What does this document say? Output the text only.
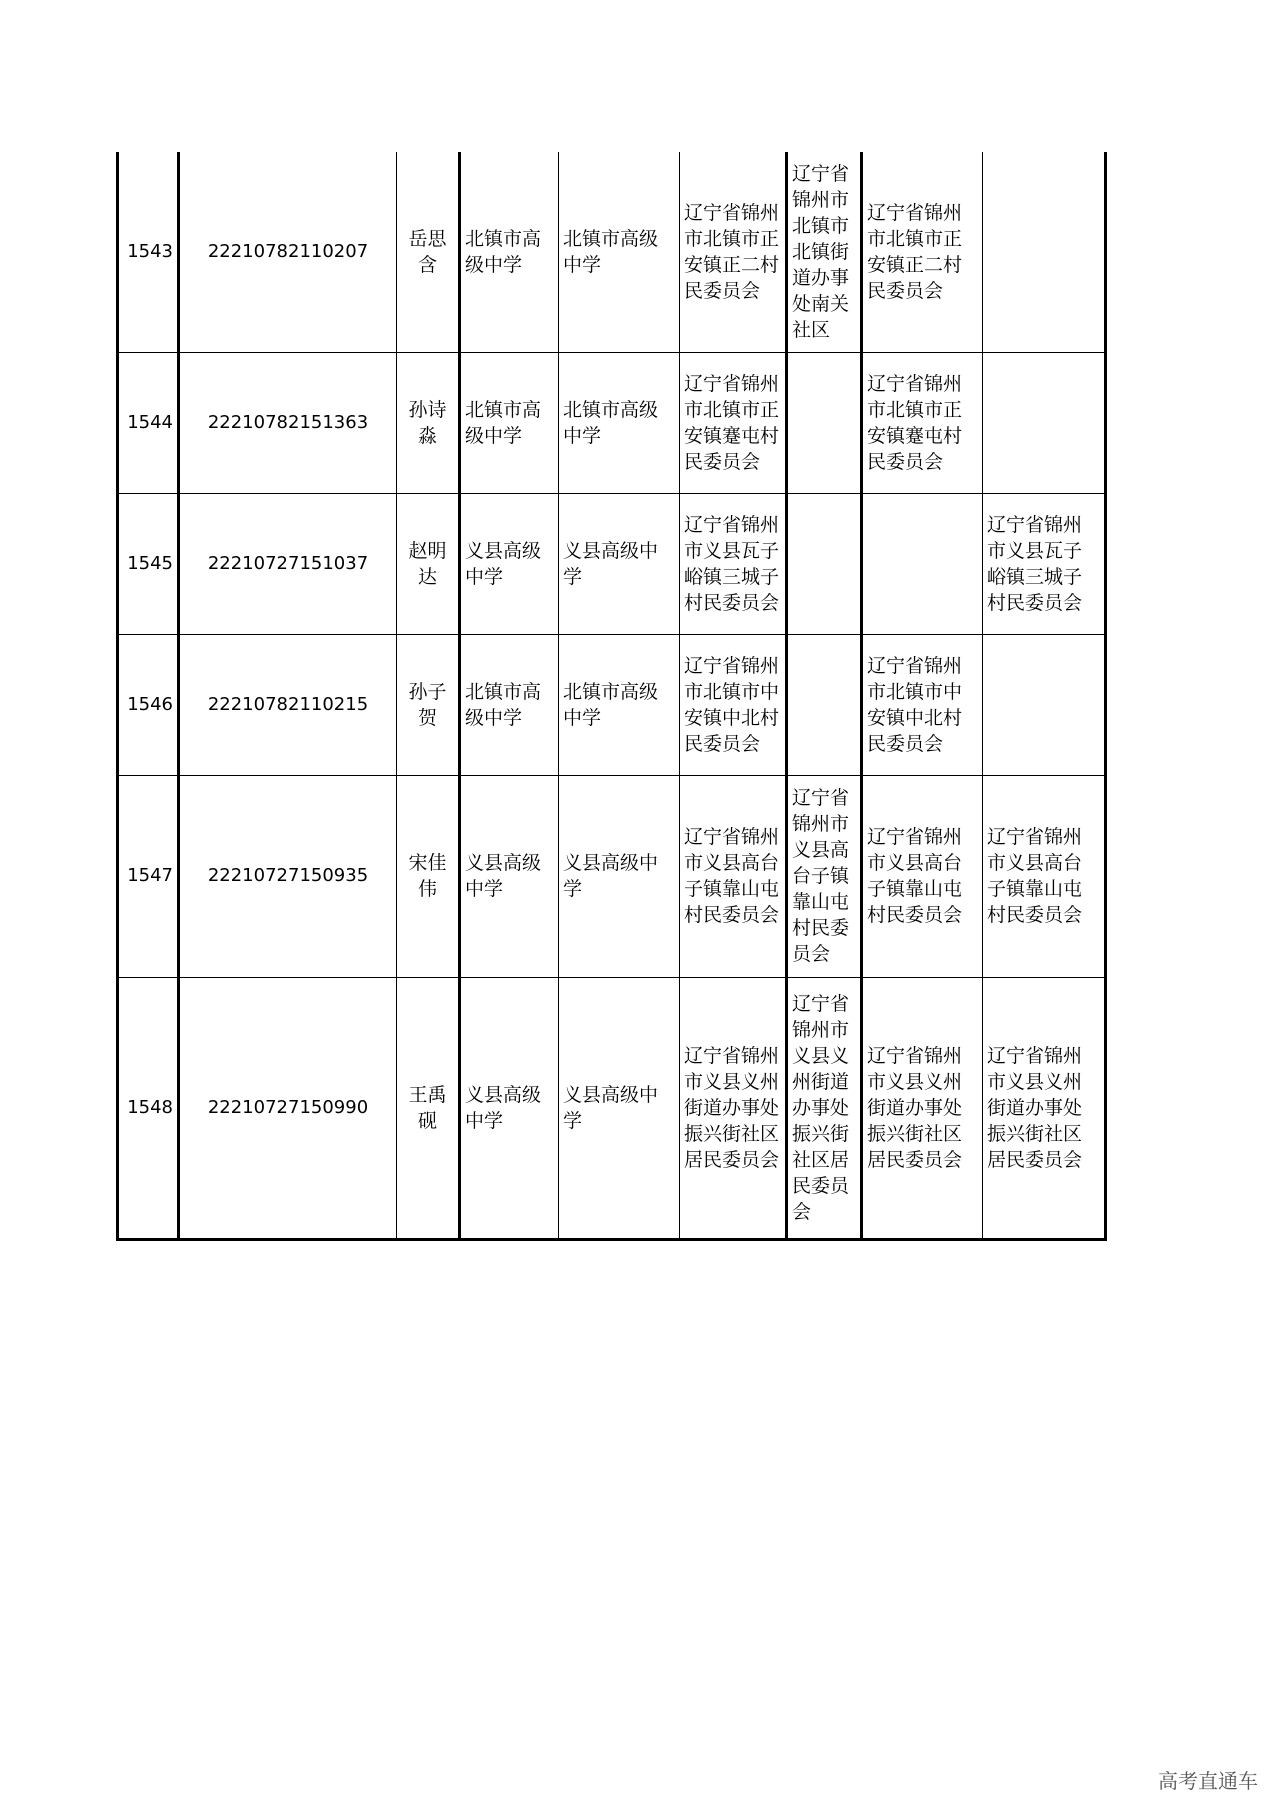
1543	22210782110207	岳思含	北镇市高级中学	北镇市高级中学	辽宁省锦州市北镇市正安镇正二村民委员会	辽宁省锦州市北镇市北镇街道办事处南关社区	辽宁省锦州市北镇市正安镇正二村民委员会	
1544	22210782151363	孙诗淼	北镇市高级中学	北镇市高级中学	辽宁省锦州市北镇市正安镇蹇屯村民委员会		辽宁省锦州市北镇市正安镇蹇屯村民委员会	
1545	22210727151037	赵明达	义县高级中学	义县高级中学	辽宁省锦州市义县瓦子峪镇三城子村民委员会			辽宁省锦州市义县瓦子峪镇三城子村民委员会
1546	22210782110215	孙子贺	北镇市高级中学	北镇市高级中学	辽宁省锦州市北镇市中安镇中北村民委员会		辽宁省锦州市北镇市中安镇中北村民委员会	
1547	22210727150935	宋佳伟	义县高级中学	义县高级中学	辽宁省锦州市义县高台子镇靠山屯村民委员会	辽宁省锦州市义县高台子镇靠山屯村民委员会	辽宁省锦州市义县高台子镇靠山屯村民委员会	辽宁省锦州市义县高台子镇靠山屯村民委员会
1548	22210727150990	王禹砚	义县高级中学	义县高级中学	辽宁省锦州市义县义州街道办事处振兴街社区居民委员会	辽宁省锦州市义县义州街道办事处振兴街社区居民委员会	辽宁省锦州市义县义州街道办事处振兴街社区居民委员会	辽宁省锦州市义县义州街道办事处振兴街社区居民委员会
高考直通车
